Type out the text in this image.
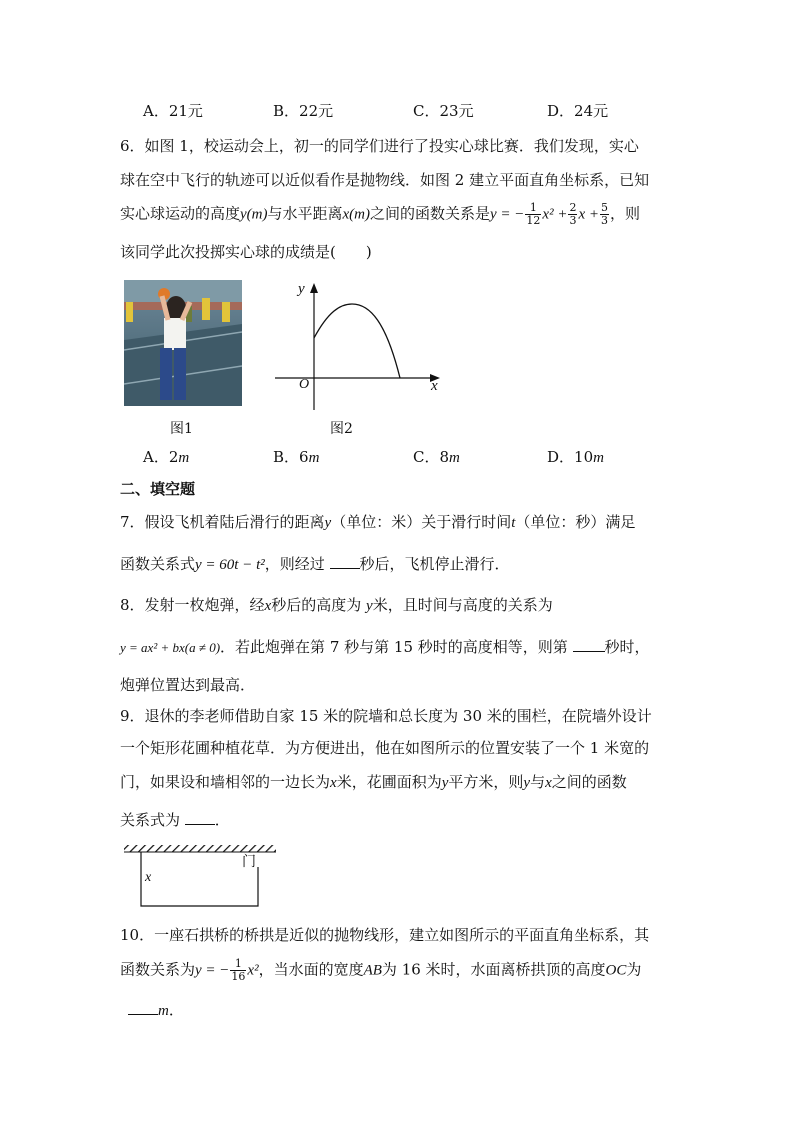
A．21元	B．22元	C．23元	D．24元
6．如图 1，校运动会上，初一的同学们进行了投实心球比赛．我们发现，实心
球在空中飞行的轨迹可以近似看作是抛物线．如图 2 建立平面直角坐标系，已知
实心球运动的高度y(m)与水平距离x(m)之间的函数关系是y = − $\frac{1}{12} x^2 + \frac{2}{3}$ $x + \frac{5}{3}$ ，则
该同学此次投掷实心球的成绩是(　　)
y
x
O
图1	图2
A．2m	B．6m	C．8m	D．10m
二、填空题
7．假设飞机着陆后滑行的距离y（单位：米）关于滑行时间t（单位：秒）满足
函数关系式y = 60t − t²，则经过 秒后，飞机停止滑行．
8．发射一枚炮弹，经x秒后的高度为 y米，且时间与高度的关系为
y = ax² + bx(a ≠ 0)．若此炮弹在第 7 秒与第 15 秒时的高度相等，则第 秒时，
炮弹位置达到最高．
9．退休的李老师借助自家 15 米的院墙和总长度为 30 米的围栏，在院墙外设计
一个矩形花圃种植花草．为方便进出，他在如图所示的位置安装了一个 1 米宽的
门，如果设和墙相邻的一边长为x米，花圃面积为y平方米，则y与x之间的函数
关系式为 ．
门
x
10．一座石拱桥的桥拱是近似的抛物线形，建立如图所示的平面直角坐标系，其
函数关系为y = − $\frac{1}{16} x^2$，当水面的宽度AB为 16 米时，水面离桥拱顶的高度OC为
m．
